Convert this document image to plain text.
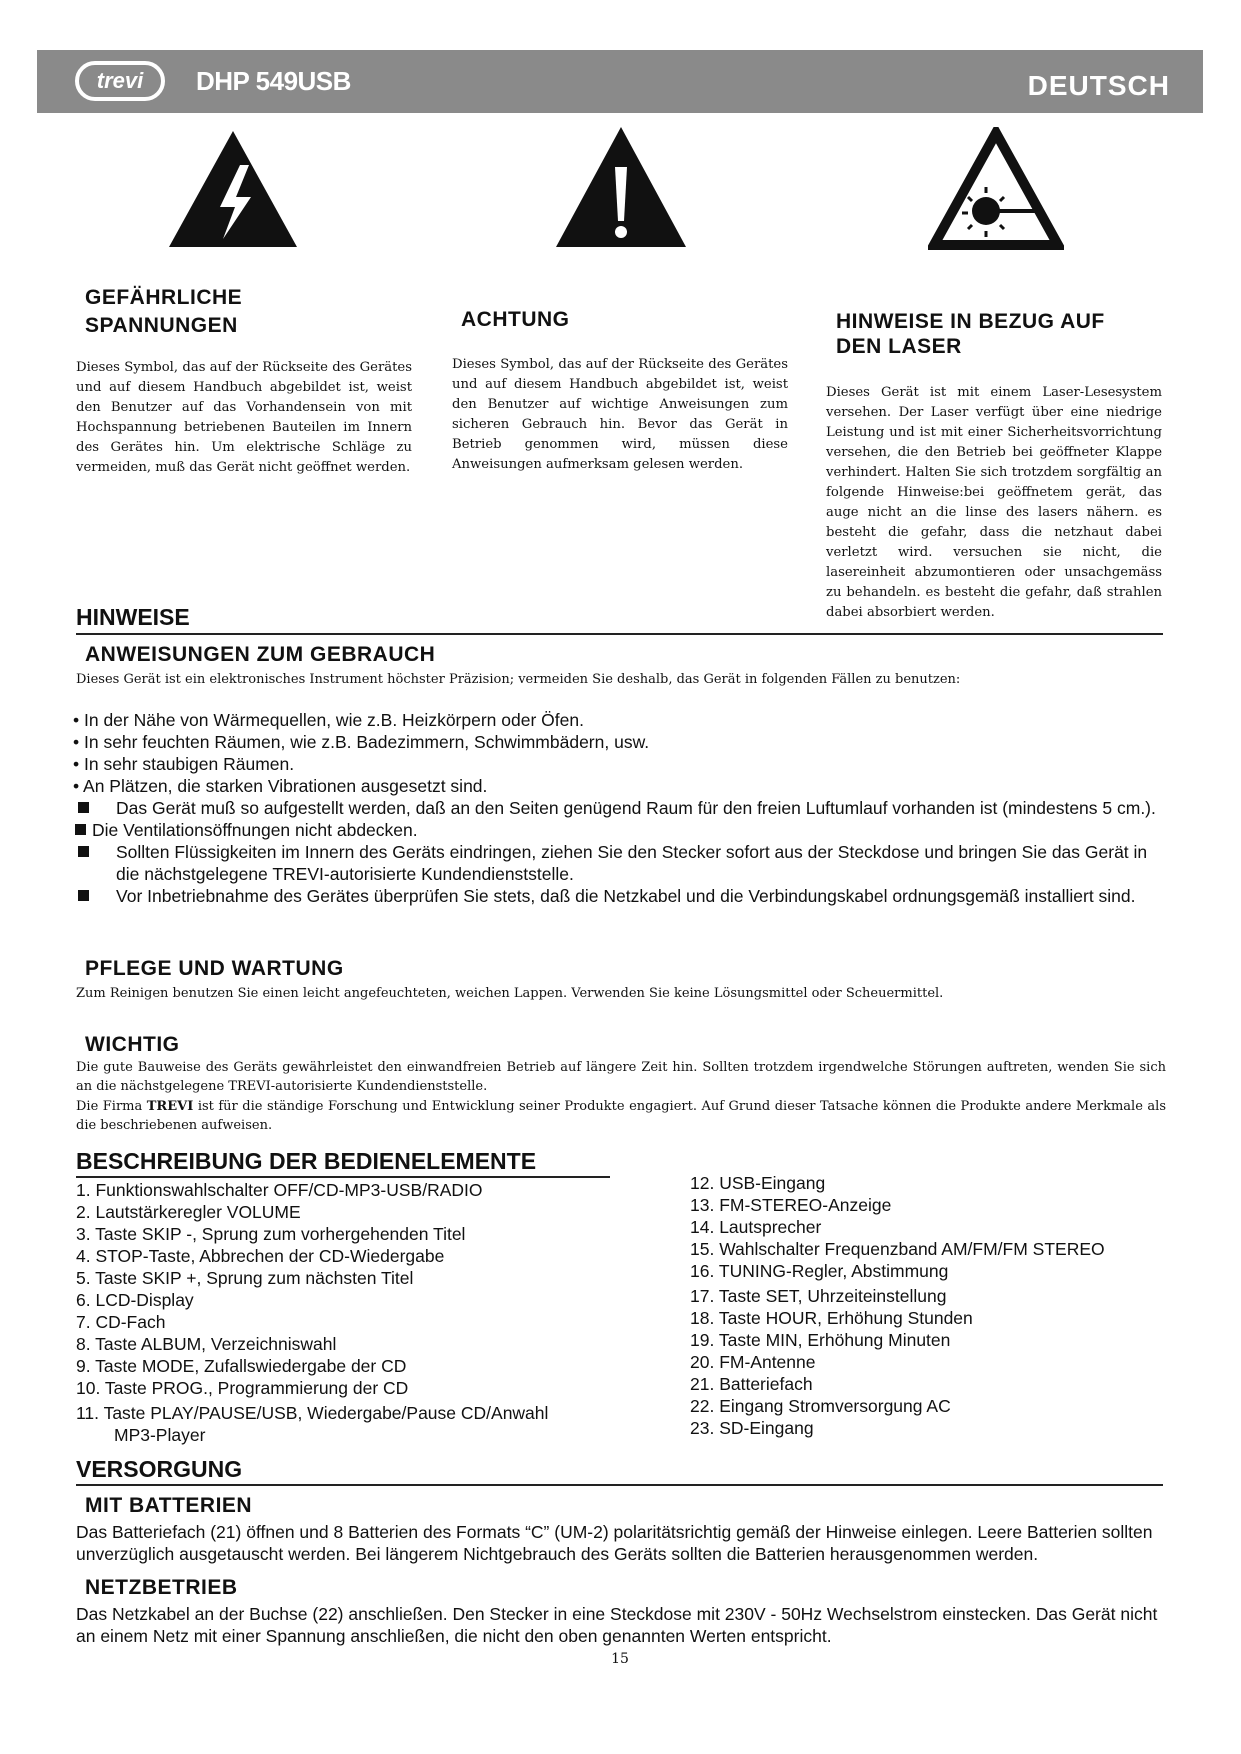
trevi	DHP 549USB	DEUTSCH
GEFÄHRLICHE
SPANNUNGEN
Dieses Symbol, das auf der Rückseite des Gerätes und auf diesem Handbuch abgebildet ist, weist den Benutzer auf das Vorhandensein von mit Hochspannung betriebenen Bauteilen im Innern des Gerätes hin. Um elektrische Schläge zu vermeiden, muß das Gerät nicht geöffnet werden.
ACHTUNG
Dieses Symbol, das auf der Rückseite des Gerätes und auf diesem Handbuch abgebildet ist, weist den Benutzer auf wichtige Anweisungen zum sicheren Gebrauch hin. Bevor das Gerät in Betrieb genommen wird, müssen diese Anweisungen aufmerksam gelesen werden.
HINWEISE IN BEZUG AUF
DEN LASER
Dieses Gerät ist mit einem Laser-Lesesystem versehen. Der Laser verfügt über eine niedrige Leistung und ist mit einer Sicherheitsvorrichtung versehen, die den Betrieb bei geöffneter Klappe verhindert. Halten Sie sich trotzdem sorgfältig an folgende Hinweise:bei geöffnetem gerät, das auge nicht an die linse des lasers nähern. es besteht die gefahr, dass die netzhaut dabei verletzt wird. versuchen sie nicht, die lasereinheit abzumontieren oder unsachgemäss zu behandeln. es besteht die gefahr, daß strahlen dabei absorbiert werden.
HINWEISE
ANWEISUNGEN ZUM GEBRAUCH
Dieses Gerät ist ein elektronisches Instrument höchster Präzision; vermeiden Sie deshalb, das Gerät in folgenden Fällen zu benutzen:
• In der Nähe von Wärmequellen, wie z.B. Heizkörpern oder Öfen.
• In sehr feuchten Räumen, wie z.B. Badezimmern, Schwimmbädern, usw.
• In sehr staubigen Räumen.
• An Plätzen, die starken Vibrationen ausgesetzt sind.
Das Gerät muß so aufgestellt werden, daß an den Seiten genügend Raum für den freien Luftumlauf vorhanden ist (mindestens 5 cm.).
Die Ventilationsöffnungen nicht abdecken.
Sollten Flüssigkeiten im Innern des Geräts eindringen, ziehen Sie den Stecker sofort aus der Steckdose und bringen Sie das Gerät in die nächstgelegene TREVI-autorisierte Kundendienststelle.
Vor Inbetriebnahme des Gerätes überprüfen Sie stets, daß die Netzkabel und die Verbindungskabel ordnungsgemäß installiert sind.
PFLEGE UND WARTUNG
Zum Reinigen benutzen Sie einen leicht angefeuchteten, weichen Lappen. Verwenden Sie keine Lösungsmittel oder Scheuermittel.
WICHTIG
Die gute Bauweise des Geräts gewährleistet den einwandfreien Betrieb auf längere Zeit hin. Sollten trotzdem irgendwelche Störungen auftreten, wenden Sie sich an die nächstgelegene TREVI-autorisierte Kundendienststelle.
Die Firma TREVI ist für die ständige Forschung und Entwicklung seiner Produkte engagiert. Auf Grund dieser Tatsache können die Produkte andere Merkmale als die beschriebenen aufweisen.
BESCHREIBUNG DER BEDIENELEMENTE
1. Funktionswahlschalter OFF/CD-MP3-USB/RADIO
2. Lautstärkeregler VOLUME
3. Taste SKIP -, Sprung zum vorhergehenden Titel
4. STOP-Taste, Abbrechen der CD-Wiedergabe
5. Taste SKIP +, Sprung zum nächsten Titel
6. LCD-Display
7. CD-Fach
8. Taste ALBUM, Verzeichniswahl
9. Taste MODE, Zufallswiedergabe der CD
10. Taste PROG., Programmierung der CD
11. Taste PLAY/PAUSE/USB, Wiedergabe/Pause CD/Anwahl
MP3-Player
12. USB-Eingang
13. FM-STEREO-Anzeige
14. Lautsprecher
15. Wahlschalter Frequenzband AM/FM/FM STEREO
16. TUNING-Regler, Abstimmung
17. Taste SET, Uhrzeiteinstellung
18. Taste HOUR, Erhöhung Stunden
19. Taste MIN, Erhöhung Minuten
20. FM-Antenne
21. Batteriefach
22. Eingang Stromversorgung AC
23. SD-Eingang
VERSORGUNG
MIT BATTERIEN
Das Batteriefach (21) öffnen und 8 Batterien des Formats “C” (UM-2) polaritätsrichtig gemäß der Hinweise einlegen. Leere Batterien sollten unverzüglich ausgetauscht werden. Bei längerem Nichtgebrauch des Geräts sollten die Batterien herausgenommen werden.
NETZBETRIEB
Das Netzkabel an der Buchse (22) anschließen. Den Stecker in eine Steckdose mit 230V - 50Hz Wechselstrom einstecken. Das Gerät nicht an einem Netz mit einer Spannung anschließen, die nicht den oben genannten Werten entspricht.
15
